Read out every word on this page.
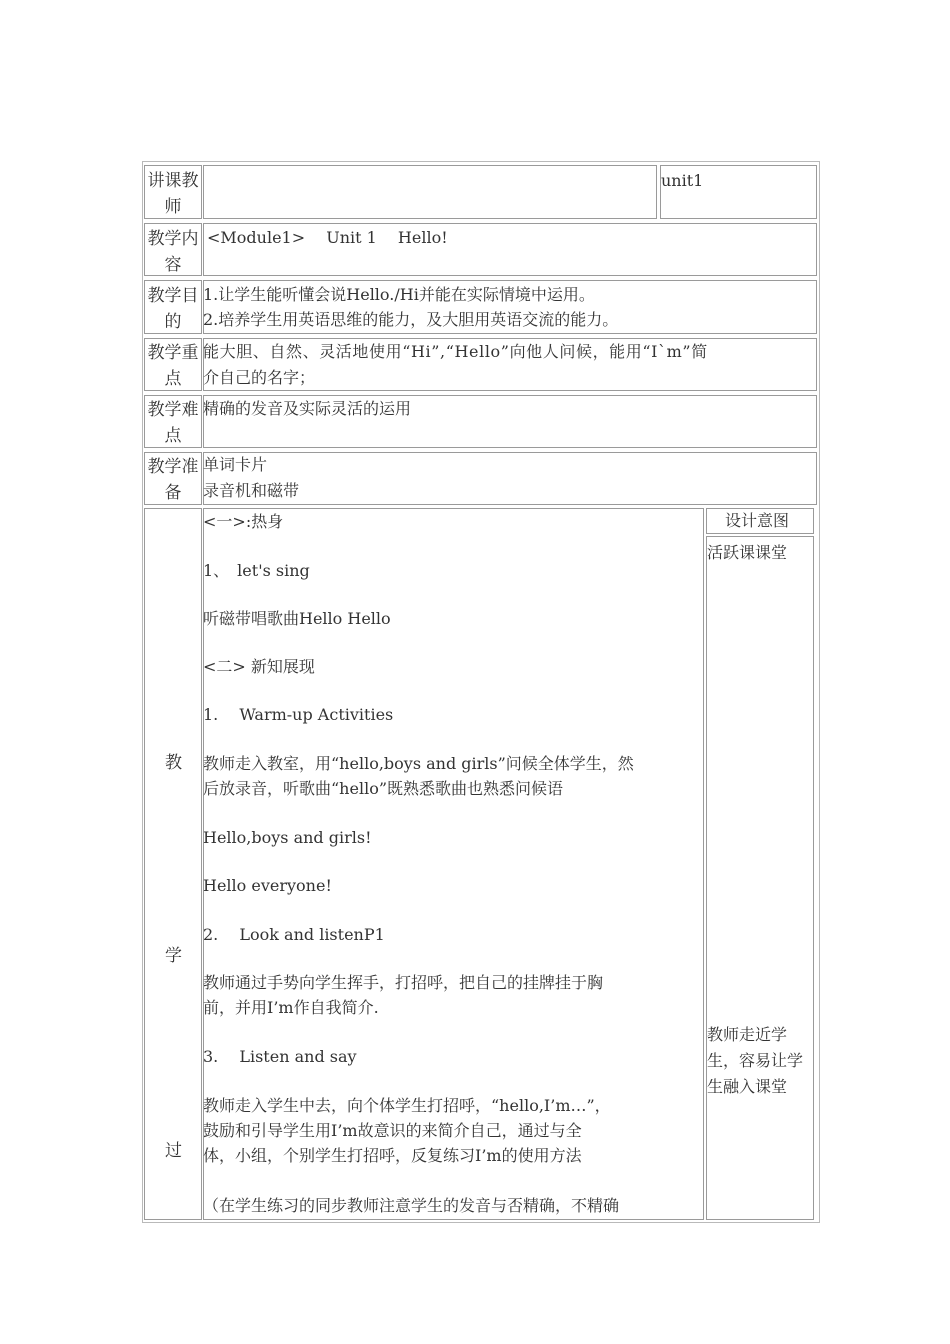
讲课教师
unit1
教学内容
<Module1>　 Unit 1　 Hello!
教学目的
1.让学生能听懂会说Hello./Hi并能在实际情境中运用。
2.培养学生用英语思维的能力，及大胆用英语交流的能力。
教学重点
能大胆、自然、灵活地使用“Hi”,“Hello”向他人问候，能用“I`m”简
介自己的名字；
教学难点
精确的发音及实际灵活的运用
教学准备
单词卡片
录音机和磁带
教
学
过
设计意图
活跃课课堂
教师走近学生，容易让学生融入课堂
<一>:热身
1、　let's sing
听磁带唱歌曲Hello Hello
<二> 新知展现
1.　 Warm-up Activities
教师走入教室，用“hello,boys and girls”问候全体学生，然
后放录音，听歌曲“hello”既熟悉歌曲也熟悉问候语
Hello,boys and girls!
Hello everyone!
2.　 Look and listenP1
教师通过手势向学生挥手，打招呼，把自己的挂牌挂于胸
前，并用I’m作自我简介.
3.　 Listen and say
教师走入学生中去，向个体学生打招呼，“hello,I’m…”，
鼓励和引导学生用I’m故意识的来简介自己，通过与全
体，小组，个别学生打招呼，反复练习I’m的使用方法
（在学生练习的同步教师注意学生的发音与否精确，不精确
